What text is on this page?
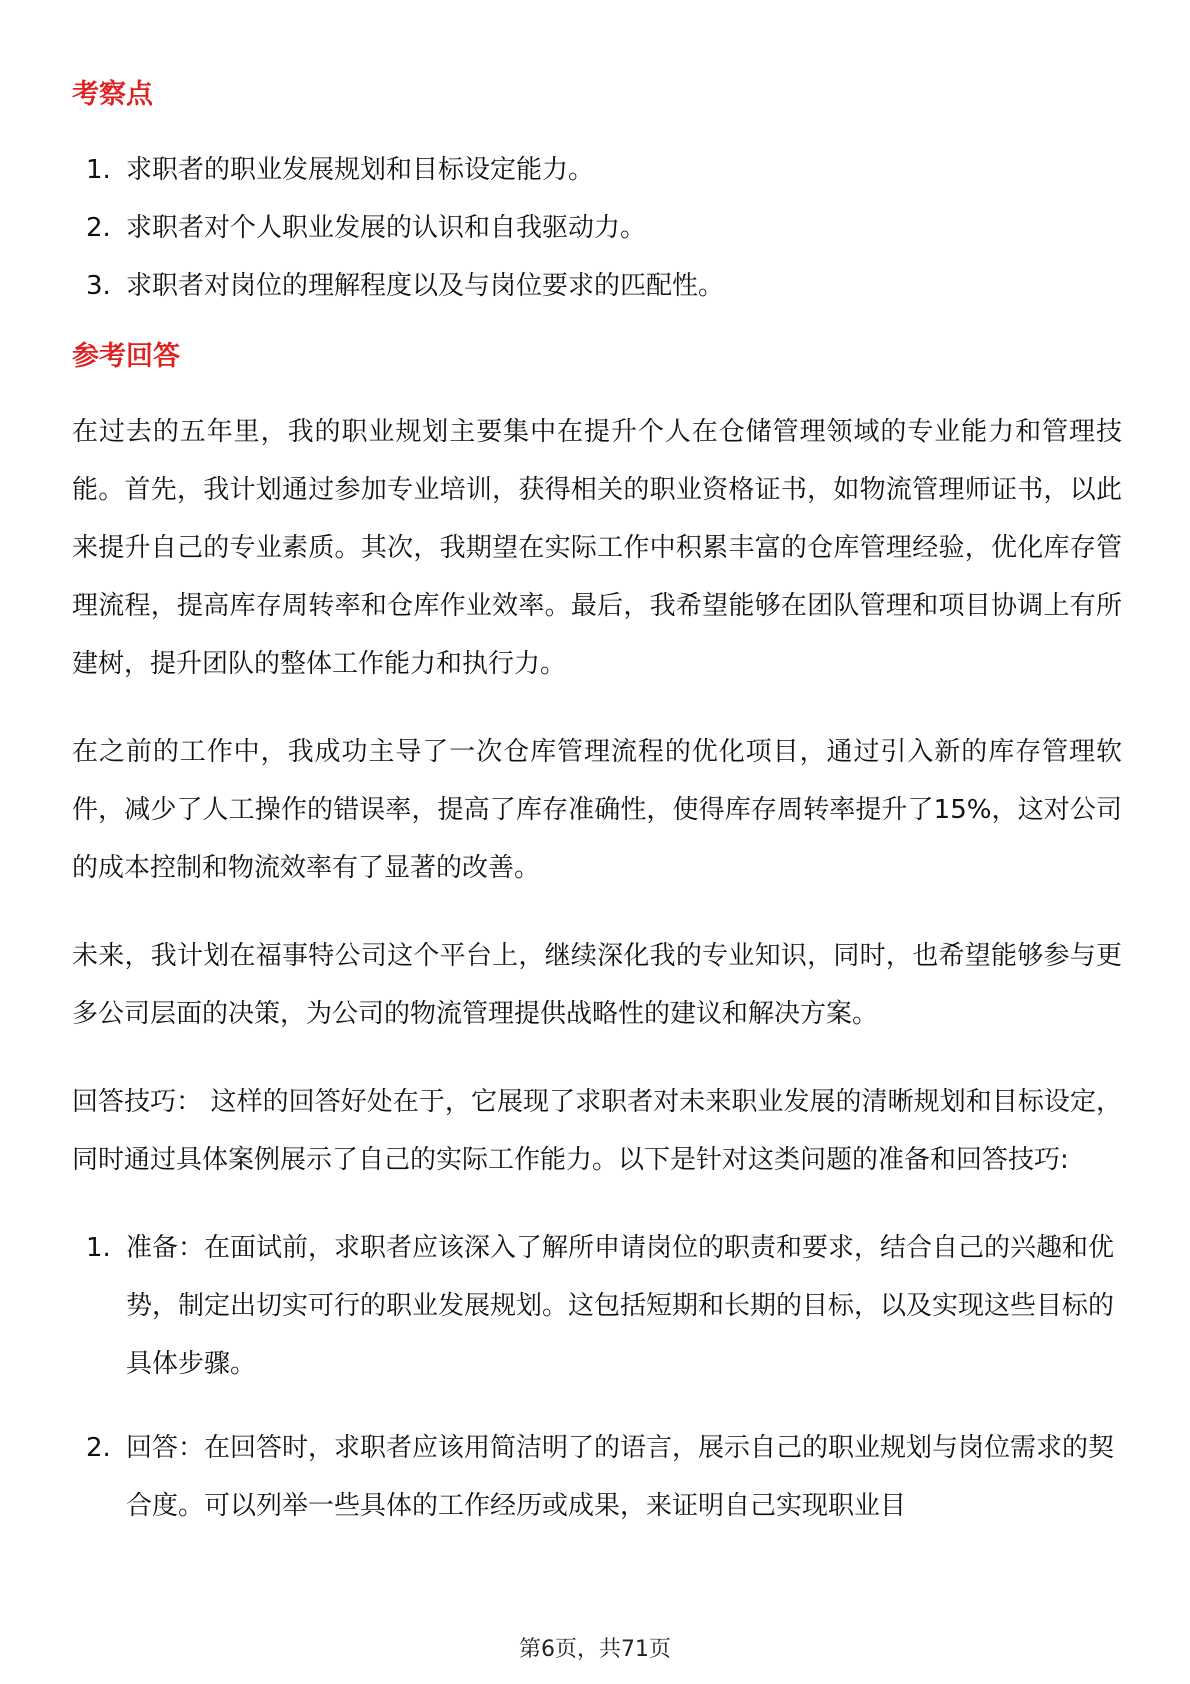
考察点
1. 求职者的职业发展规划和目标设定能力。
2. 求职者对个人职业发展的认识和自我驱动力。
3. 求职者对岗位的理解程度以及与岗位要求的匹配性。
参考回答

在过去的五年里，我的职业规划主要集中在提升个人在仓储管理领域的专业能力和管理技能。首先，我计划通过参加专业培训，获得相关的职业资格证书，如物流管理师证书，以此来提升自己的专业素质。其次，我期望在实际工作中积累丰富的仓库管理经验，优化库存管理流程，提高库存周转率和仓库作业效率。最后，我希望能够在团队管理和项目协调上有所建树，提升团队的整体工作能力和执行力。

在之前的工作中，我成功主导了一次仓库管理流程的优化项目，通过引入新的库存管理软件，减少了人工操作的错误率，提高了库存准确性，使得库存周转率提升了15%，这对公司的成本控制和物流效率有了显著的改善。

未来，我计划在福事特公司这个平台上，继续深化我的专业知识，同时，也希望能够参与更多公司层面的决策，为公司的物流管理提供战略性的建议和解决方案。

回答技巧： 这样的回答好处在于，它展现了求职者对未来职业发展的清晰规划和目标设定，同时通过具体案例展示了自己的实际工作能力。以下是针对这类问题的准备和回答技巧:

1. 准备：在面试前，求职者应该深入了解所申请岗位的职责和要求，结合自己的兴趣和优势，制定出切实可行的职业发展规划。这包括短期和长期的目标，以及实现这些目标的具体步骤。
2. 回答：在回答时，求职者应该用简洁明了的语言，展示自己的职业规划与岗位需求的契合度。可以列举一些具体的工作经历或成果，来证明自己实现职业目
第6页，共71页
